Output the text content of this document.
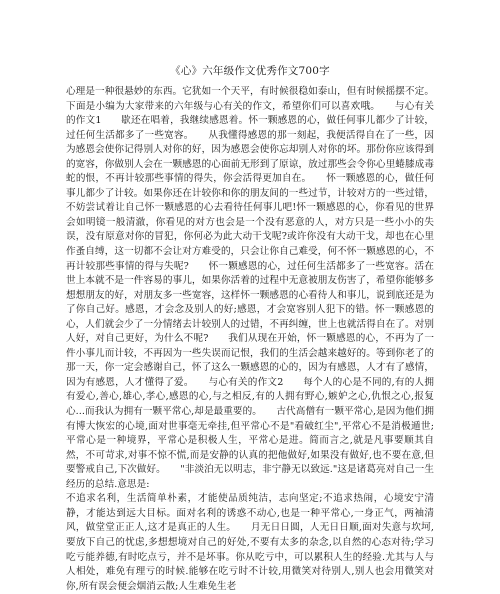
《心》六年级作文优秀作文700字

心理是一种很悬妙的东西。它犹如一个天平，有时候很稳如泰山，但有时候摇摆不定。下面是小编为大家带来的六年级与心有关的作文，希望你们可以喜欢哦。　　与心有关的作文1　　歇还在唱着，我继续感恩着。怀一颗感恩的心，做任何事儿都少了计较，过任何生活都多了一些宽容。　　从我懂得感恩的那一刻起，我便活得自在了一些，因为感恩会使你记得别人对你的好，因为感恩会使你忘却别人对你的坏。那份你应该得到的宽容，你做别人会在一颗感恩的心面前无形到了原谅，放过那些会令你心里蜷膝成毒蛇的恨，不再计较那些事情的得失，你会活得更加自在。　　怀一颗感恩的心，做任何事儿都少了计较。如果你还在计较你和你的朋友间的一些过节，计较对方的一些过错，不妨尝试着让自己怀一颗感恩的心去看待任何事儿吧!怀一颗感恩的心，你看见的世界会如明镜一般清澈，你看见的对方也会是一个没有恶意的人，对方只是一些小小的失误，没有原意对你的冒犯，你何必为此大动干戈呢?或许你没有大动干戈，却也在心里作蚤自缚，这一切都不会让对方难受的，只会让你自己难受，何不怀一颗感恩的心，不再计较那些事情的得与失呢?　　怀一颗感恩的心，过任何生活都多了一些宽容。活在世上本就不是一件容易的事儿，如果你活着的过程中无意被朋友伤害了，希望你能够多想想朋友的好，对朋友多一些宽容，这样怀一颗感恩的心看待人和事儿，说到底还是为了你自己好。感恩，才会念及别人的好;感恩，才会宽容别人犯下的错。怀一颗感恩的心，人们就会少了一分情绪去计较别人的过错，不再纠缠，世上也就活得自在了。对别人好，对自己更好，为什么不呢?　　我们从现在开始，怀一颗感恩的心，不再为了一件小事儿而计较，不再因为一些失误而记恨，我们的生活会越来越好的。等到你老了的那一天，你一定会感谢自己，怀了这么一颗感恩的心的，因为有感恩，人才有了感情，因为有感恩，人才懂得了爱。　　与心有关的作文2　　每个人的心是不同的,有的人拥有爱心,善心,雄心,孝心,感恩的心,与之相反,有的人拥有野心,嫉妒之心,仇恨之心,报复心...而我认为拥有一颗平常心,却是最重要的。　　古代高僧有一颗平常心,是因为他们拥有博大恢宏的心境,面对世事毫无牵挂,但平常心不是"看破红尘",平常心不是消极遁世;平常心是一种境界，平常心是积极人生，平常心是进。简而言之,就是凡事要顺其自然，不可苛求,对事不惊不慌,而是安静的认真的把他做好,如果没有做好,也不要在意,但要警戒自己,下次做好。　　"非淡泊无以明志，非宁静无以致远."这是诸葛亮对自己一生经历的总结.意思是:

不追求名利，生活简单朴素，才能使品质纯洁，志向坚定;不追求热闹，心境安宁清静，才能达到远大目标。面对名利的诱惑不动心,也是一种平常心,一身正气，两袖清风，做堂堂正正人,这才是真正的人生。　　月无日日圆，人无日日顺,面对失意与坎坷,要放下自己的忧虑,多想想境对自己的好处,不要有太多的杂念,以自然的心态对待;学习吃亏能养德,有时吃点亏，并不是坏事。你从吃亏中，可以累积人生的经验.尤其与人与人相处，难免有理亏的时候.能够在吃亏时不计较,用微笑对待别人,别人也会用微笑对你,所有误会便会烟消云散;人生难免生老
